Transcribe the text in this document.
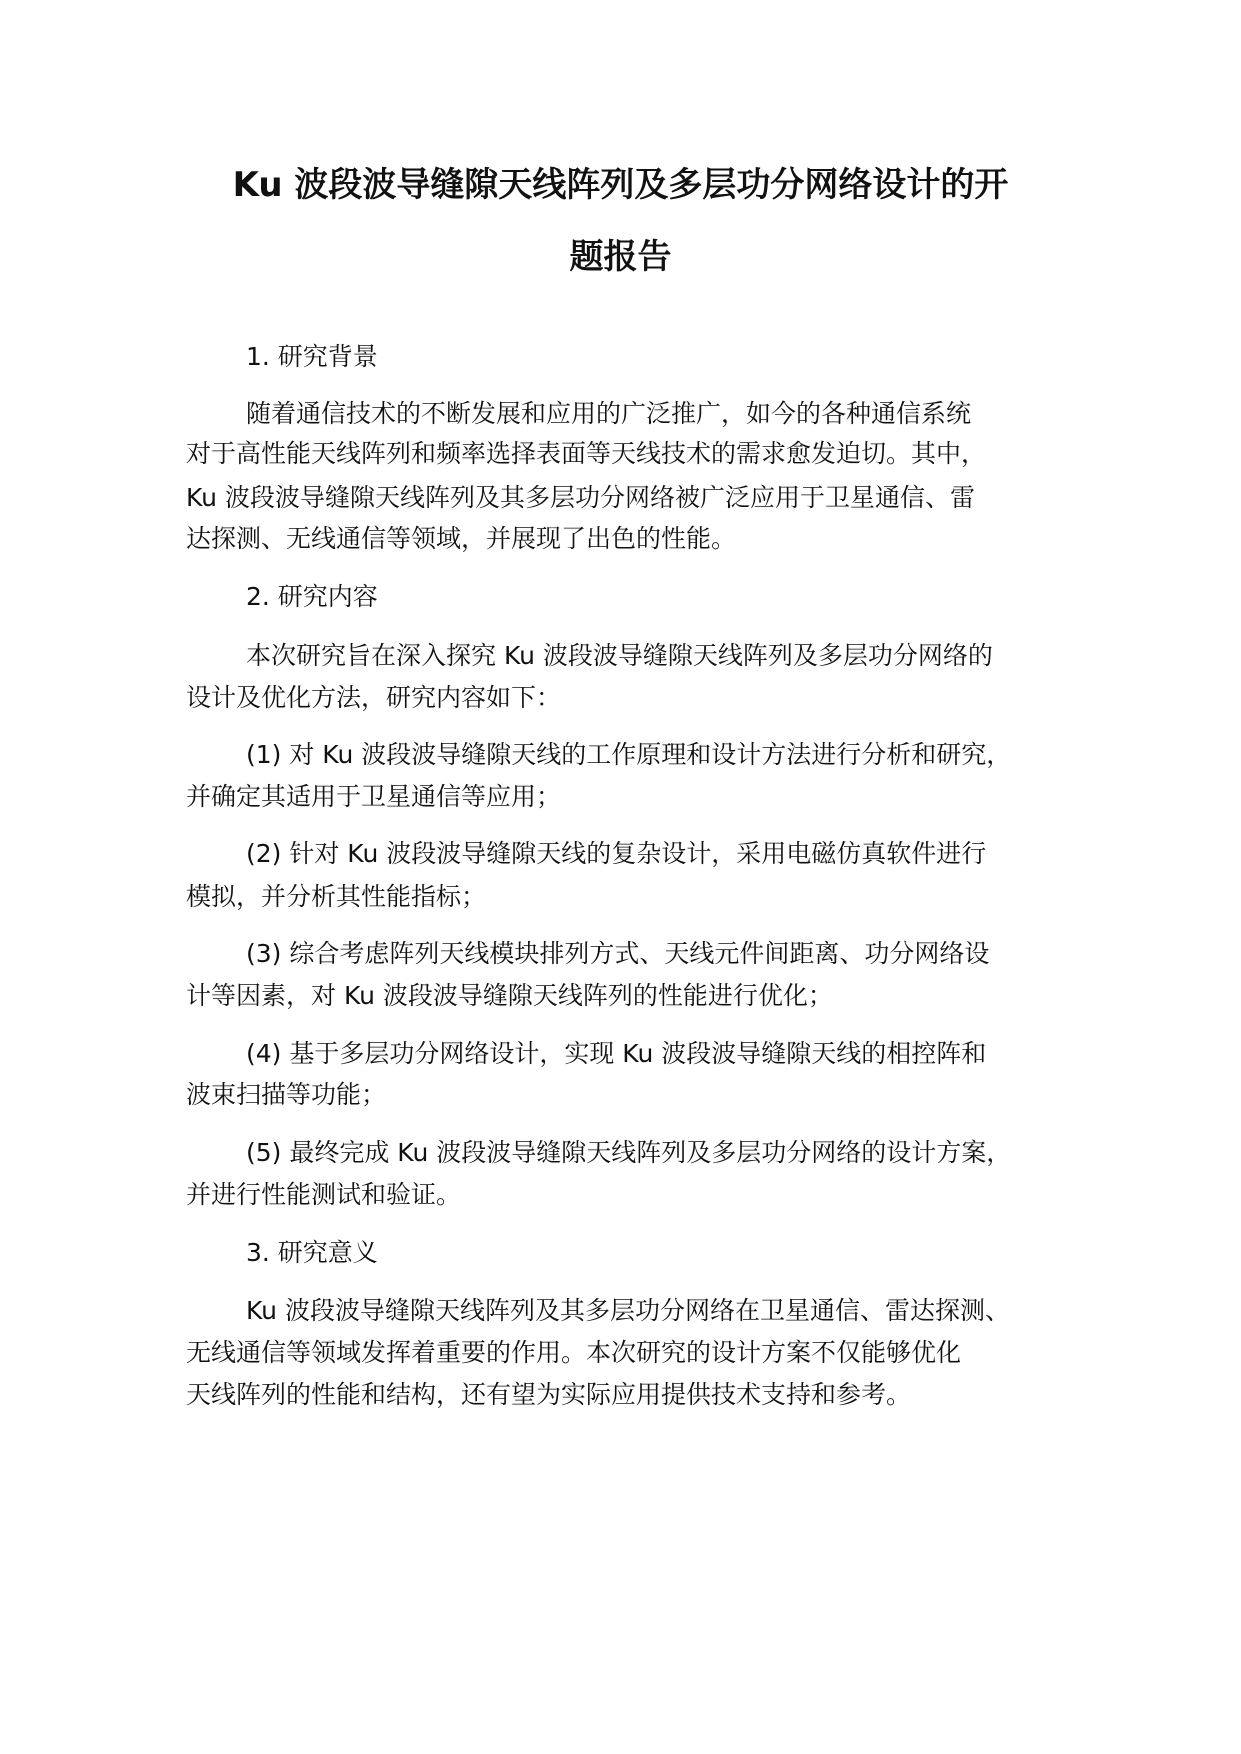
Ku 波段波导缝隙天线阵列及多层功分网络设计的开
题报告
1. 研究背景
随着通信技术的不断发展和应用的广泛推广，如今的各种通信系统
对于高性能天线阵列和频率选择表面等天线技术的需求愈发迫切。其中，
Ku 波段波导缝隙天线阵列及其多层功分网络被广泛应用于卫星通信、雷
达探测、无线通信等领域，并展现了出色的性能。
2. 研究内容
本次研究旨在深入探究 Ku 波段波导缝隙天线阵列及多层功分网络的
设计及优化方法，研究内容如下：
(1) 对 Ku 波段波导缝隙天线的工作原理和设计方法进行分析和研究，
并确定其适用于卫星通信等应用；
(2) 针对 Ku 波段波导缝隙天线的复杂设计，采用电磁仿真软件进行
模拟，并分析其性能指标；
(3) 综合考虑阵列天线模块排列方式、天线元件间距离、功分网络设
计等因素，对 Ku 波段波导缝隙天线阵列的性能进行优化；
(4) 基于多层功分网络设计，实现 Ku 波段波导缝隙天线的相控阵和
波束扫描等功能；
(5) 最终完成 Ku 波段波导缝隙天线阵列及多层功分网络的设计方案，
并进行性能测试和验证。
3. 研究意义
Ku 波段波导缝隙天线阵列及其多层功分网络在卫星通信、雷达探测、
无线通信等领域发挥着重要的作用。本次研究的设计方案不仅能够优化
天线阵列的性能和结构，还有望为实际应用提供技术支持和参考。
